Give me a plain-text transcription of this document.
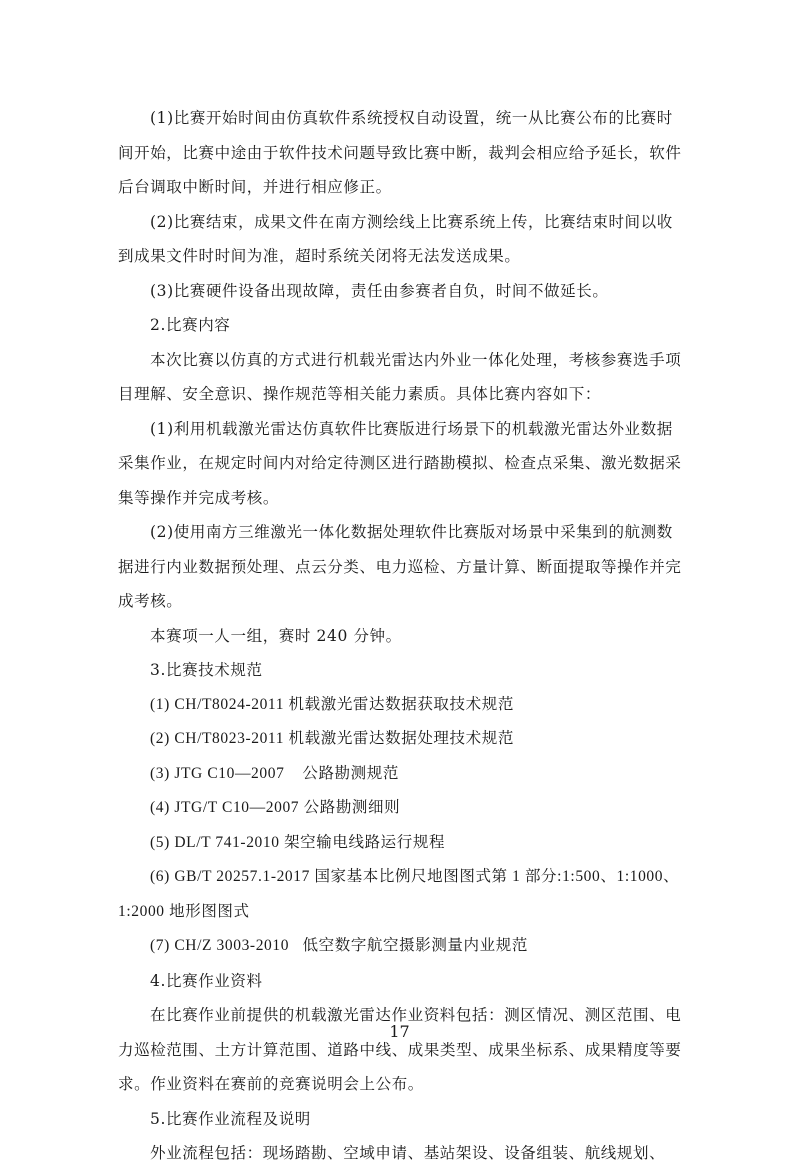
(1)比赛开始时间由仿真软件系统授权自动设置，统一从比赛公布的比赛时间开始，比赛中途由于软件技术问题导致比赛中断，裁判会相应给予延长，软件后台调取中断时间，并进行相应修正。

(2)比赛结束，成果文件在南方测绘线上比赛系统上传，比赛结束时间以收到成果文件时时间为准，超时系统关闭将无法发送成果。

(3)比赛硬件设备出现故障，责任由参赛者自负，时间不做延长。

2.比赛内容

本次比赛以仿真的方式进行机载光雷达内外业一体化处理，考核参赛选手项目理解、安全意识、操作规范等相关能力素质。具体比赛内容如下：

(1)利用机载激光雷达仿真软件比赛版进行场景下的机载激光雷达外业数据采集作业，在规定时间内对给定待测区进行踏勘模拟、检查点采集、激光数据采集等操作并完成考核。

(2)使用南方三维激光一体化数据处理软件比赛版对场景中采集到的航测数据进行内业数据预处理、点云分类、电力巡检、方量计算、断面提取等操作并完成考核。

本赛项一人一组，赛时 240 分钟。

3.比赛技术规范

(1) CH/T8024-2011 机载激光雷达数据获取技术规范

(2) CH/T8023-2011 机载激光雷达数据处理技术规范

(3) JTG C10—2007    公路勘测规范

(4) JTG/T C10—2007 公路勘测细则

(5) DL/T 741-2010 架空输电线路运行规程

(6) GB/T 20257.1-2017 国家基本比例尺地图图式第 1 部分:1:500、1:1000、1:2000 地形图图式

(7) CH/Z 3003-2010   低空数字航空摄影测量内业规范

4.比赛作业资料

在比赛作业前提供的机载激光雷达作业资料包括：测区情况、测区范围、电力巡检范围、土方计算范围、道路中线、成果类型、成果坐标系、成果精度等要求。作业资料在赛前的竞赛说明会上公布。

5.比赛作业流程及说明

外业流程包括：现场踏勘、空域申请、基站架设、设备组装、航线规划、

17
